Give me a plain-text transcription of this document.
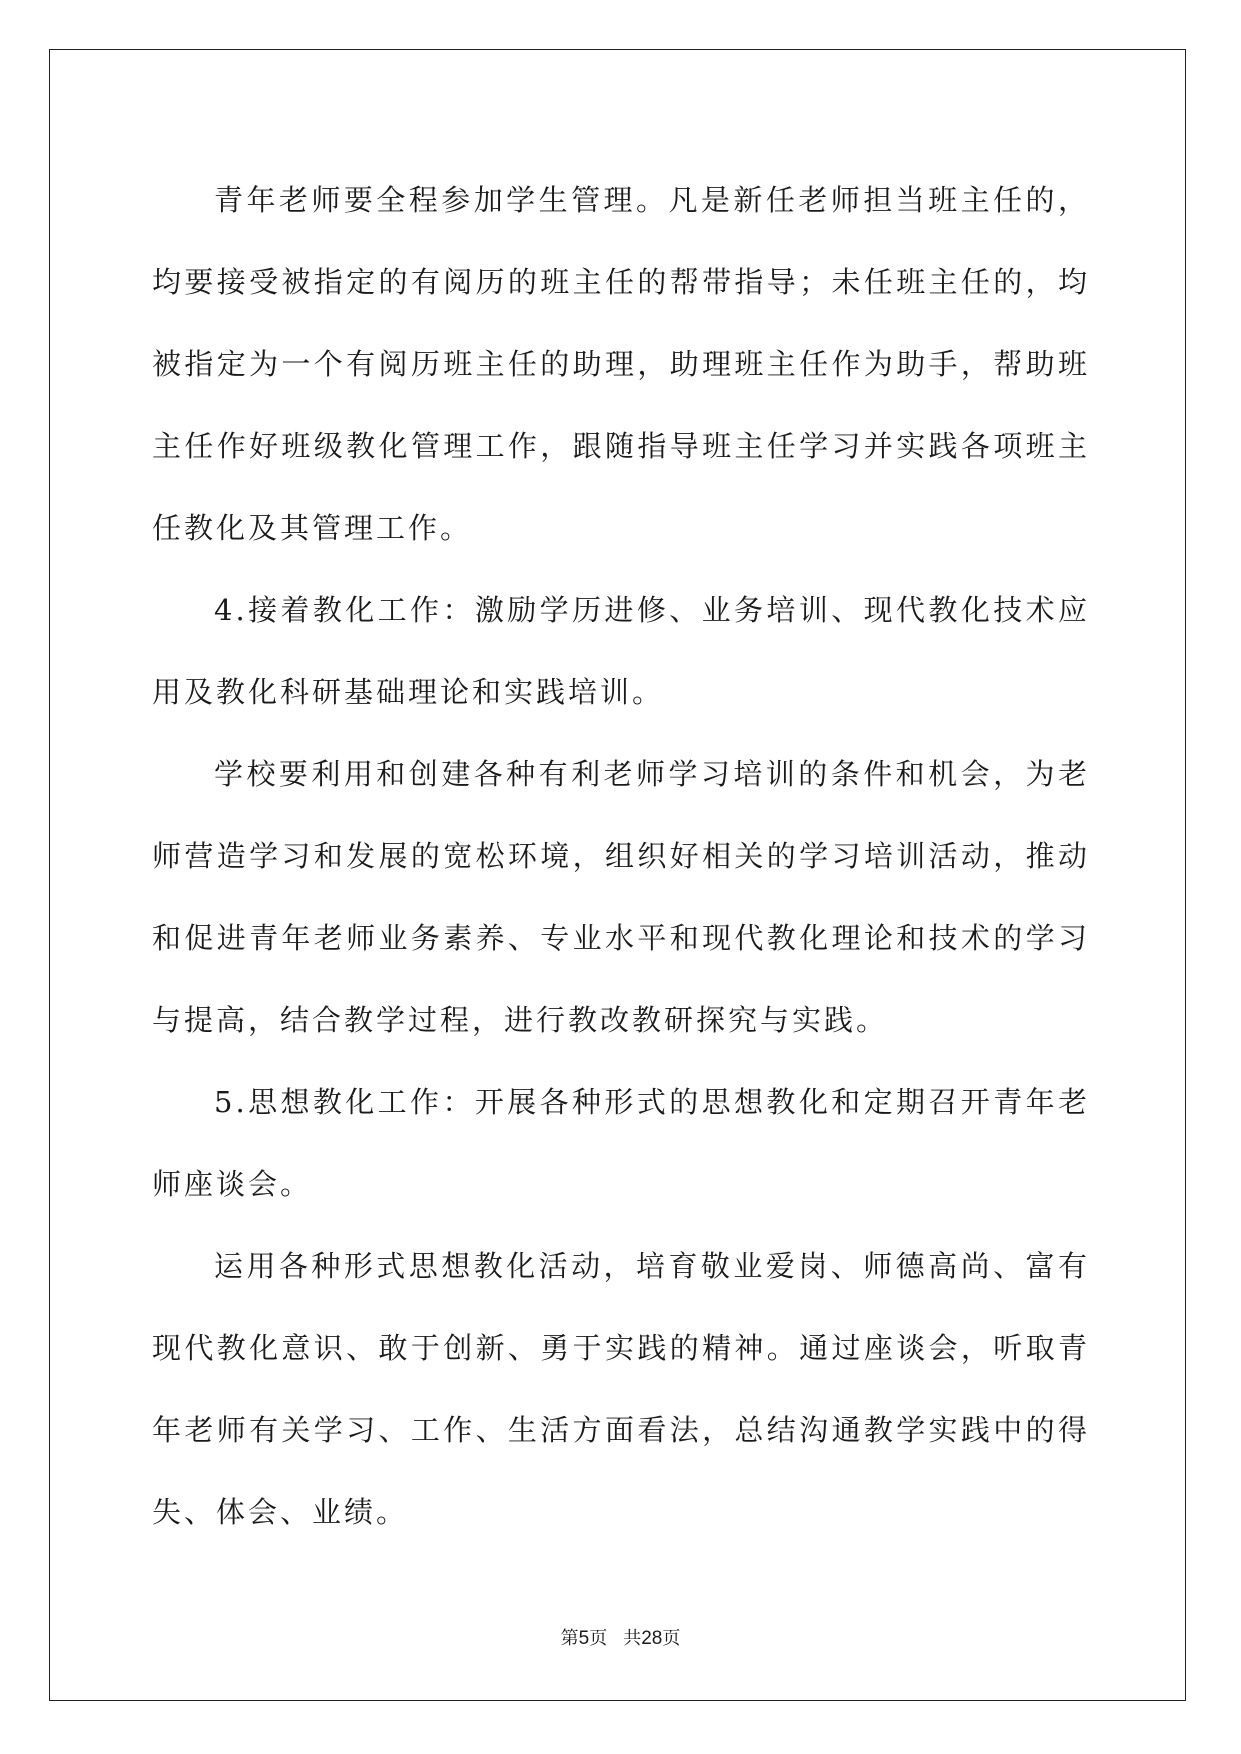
青年老师要全程参加学生管理。凡是新任老师担当班主任的，均要接受被指定的有阅历的班主任的帮带指导；未任班主任的，均被指定为一个有阅历班主任的助理，助理班主任作为助手，帮助班主任作好班级教化管理工作，跟随指导班主任学习并实践各项班主任教化及其管理工作。

4.接着教化工作：激励学历进修、业务培训、现代教化技术应用及教化科研基础理论和实践培训。

学校要利用和创建各种有利老师学习培训的条件和机会，为老师营造学习和发展的宽松环境，组织好相关的学习培训活动，推动和促进青年老师业务素养、专业水平和现代教化理论和技术的学习与提高，结合教学过程，进行教改教研探究与实践。

5.思想教化工作：开展各种形式的思想教化和定期召开青年老师座谈会。

运用各种形式思想教化活动，培育敬业爱岗、师德高尚、富有现代教化意识、敢于创新、勇于实践的精神。通过座谈会，听取青年老师有关学习、工作、生活方面看法，总结沟通教学实践中的得失、体会、业绩。

第5页 共28页
